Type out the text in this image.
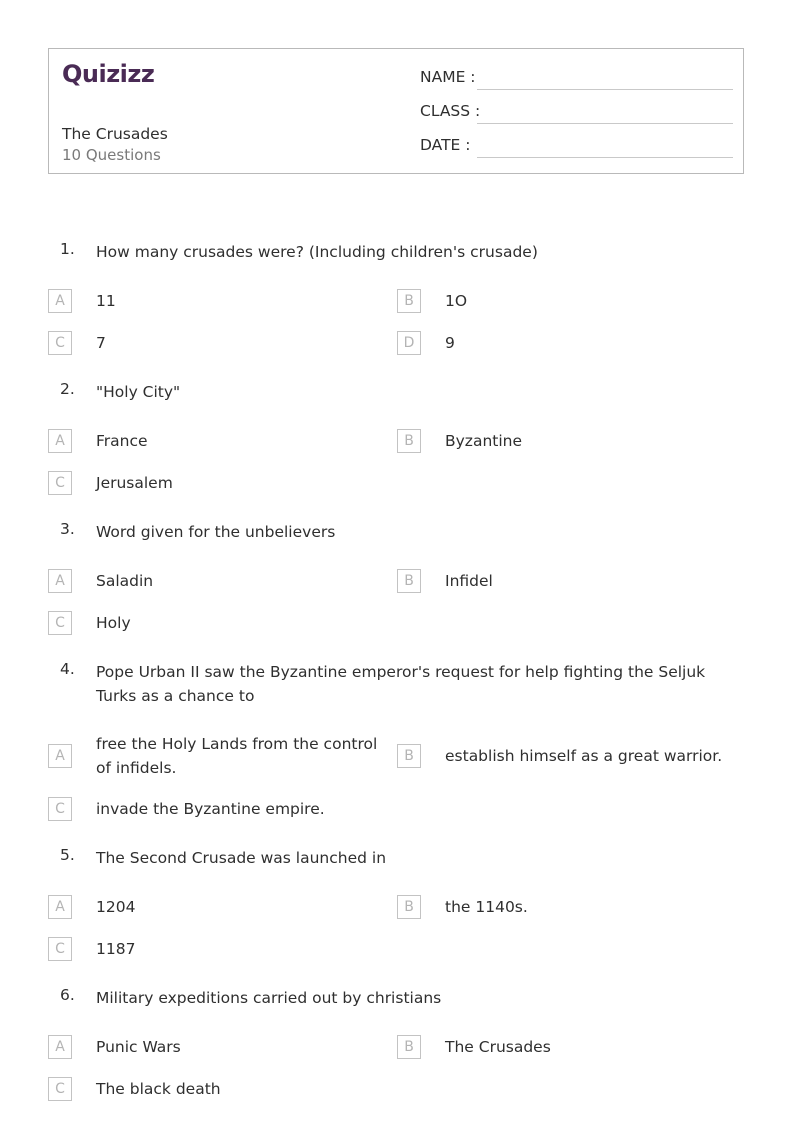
Quizizz
The Crusades
10 Questions
NAME :
CLASS :
DATE :
1. How many crusades were? (Including children's crusade)
A	11	B	1O
C	7	D	9
2. "Holy City"
A	France	B	Byzantine
C	Jerusalem
3. Word given for the unbelievers
A	Saladin	B	Infidel
C	Holy
4. Pope Urban II saw the Byzantine emperor's request for help fighting the Seljuk Turks as a chance to
A
free the Holy Lands from the control of infidels.
B	establish himself as a great warrior.
C	invade the Byzantine empire.
5. The Second Crusade was launched in
A	1204	B	the 1140s.
C	1187
6. Military expeditions carried out by christians
A	Punic Wars	B	The Crusades
C	The black death
